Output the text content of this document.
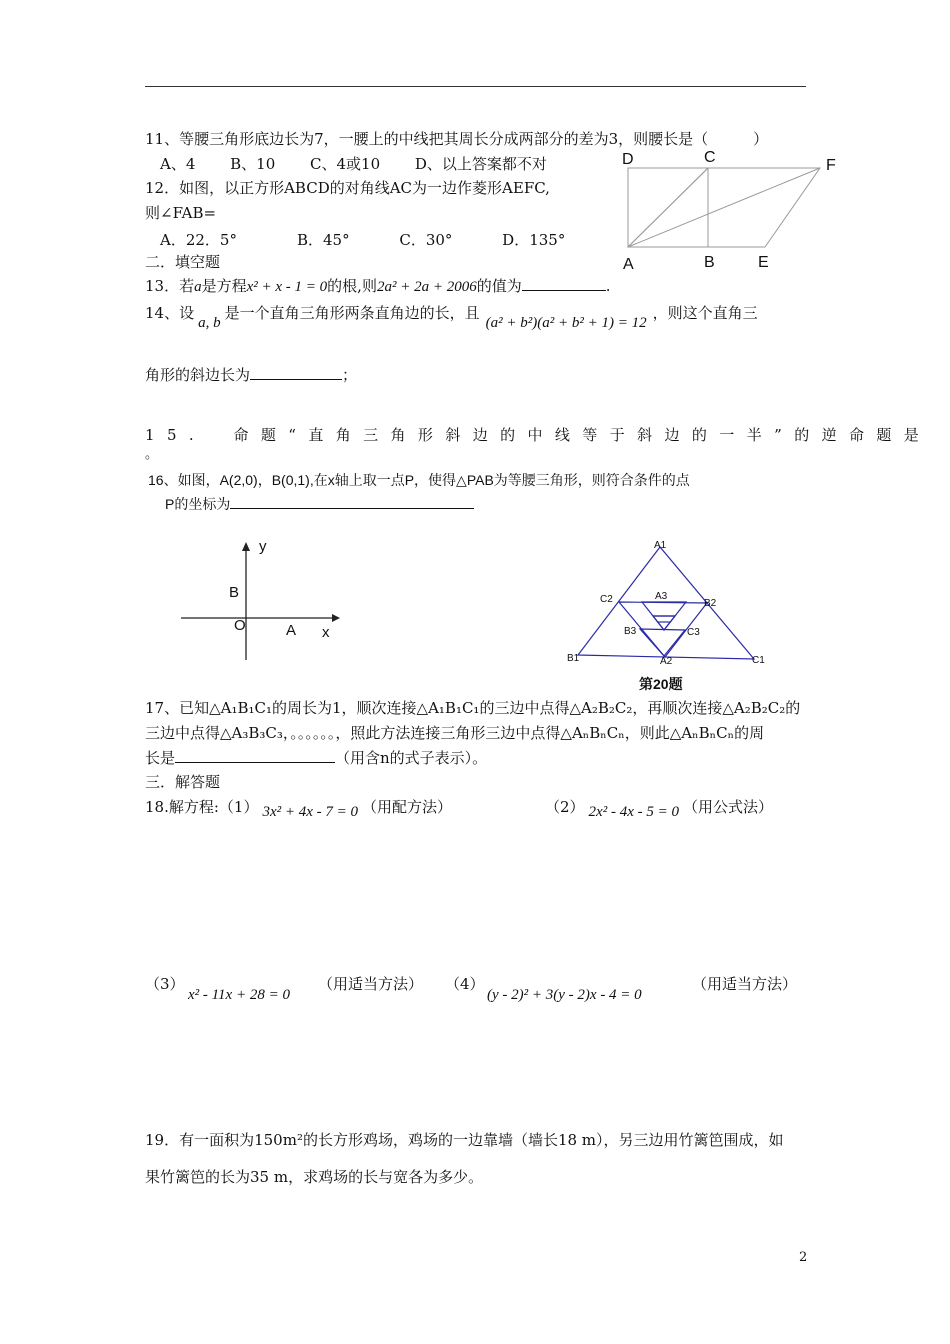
11、等腰三角形底边长为7，一腰上的中线把其周长分成两部分的差为3，则腰长是（　　　）
A、4　　 B、10　　 C、4或10　　 D、以上答案都不对
12．如图，以正方形ABCD的对角线AC为一边作菱形AEFC,
则∠FAB=
A．22．5°　　　　B．45°　　　 C．30°　　　 D．135°
D	C	F
A	B	E
二．填空题
13．若a是方程x² + x - 1 = 0的根,则2a² + 2a + 2006的值为	.
14、设a, b是一个直角三角形两条直角边的长，且(a² + b²)(a² + b² + 1) = 12，则这个直角三
角形的斜边长为	；
15.　命题“直角三角形斜边的中线等于斜边的一半”的逆命题是
。
16、如图，A(2,0)，B(0,1),在x轴上取一点P，使得△PAB为等腰三角形，则符合条件的点
P的坐标为
y
B
O	A x
A1
C2	A3
B2
B3	C3
B1	A2	C1
第20题
17、已知△A₁B₁C₁的周长为1，顺次连接△A₁B₁C₁的三边中点得△A₂B₂C₂，再顺次连接△A₂B₂C₂的
三边中点得△A₃B₃C₃，。。。。。。，照此方法连接三角形三边中点得△AₙBₙCₙ，则此△AₙBₙCₙ的周
长是	（用含n的式子表示）。
三．解答题
18.解方程:（1） 3x² + 4x - 7 = 0 （用配方法）	（2） 2x² - 4x - 5 = 0 （用公式法）
（3）
x² - 11x + 28 = 0
（用适当方法） （4）
(y - 2)² + 3(y - 2)x - 4 = 0
（用适当方法）
19．有一面积为150m²的长方形鸡场，鸡场的一边靠墙（墙长18 m），另三边用竹篱笆围成，如
果竹篱笆的长为35 m，求鸡场的长与宽各为多少。
2
